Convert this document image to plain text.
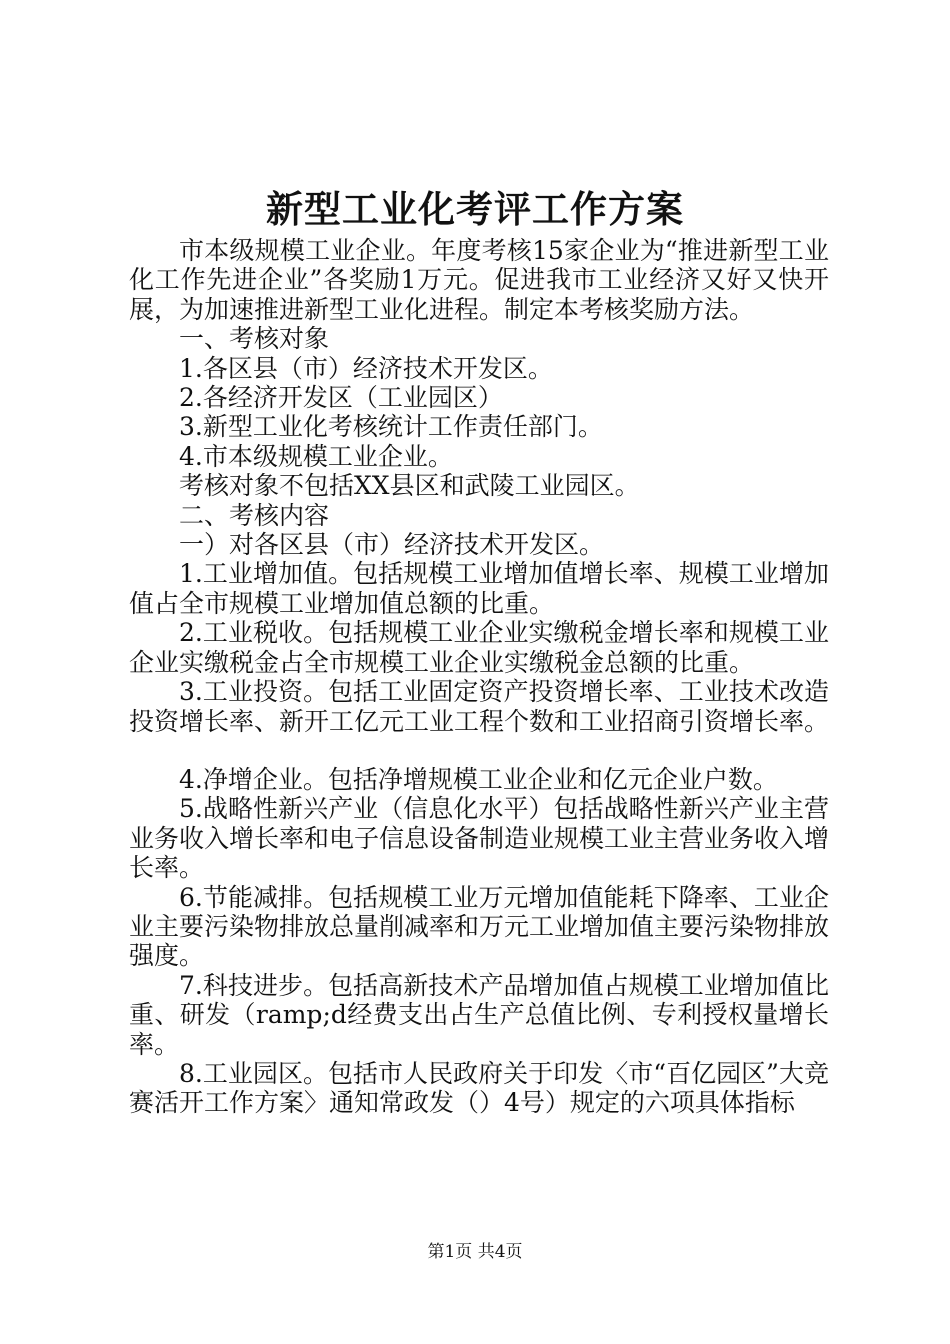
新型工业化考评工作方案

市本级规模工业企业。年度考核15家企业为“推进新型工业化工作先进企业”各奖励1万元。促进我市工业经济又好又快开展，为加速推进新型工业化进程。制定本考核奖励方法。

一、考核对象

1.各区县（市）经济技术开发区。

2.各经济开发区（工业园区）

3.新型工业化考核统计工作责任部门。

4.市本级规模工业企业。

考核对象不包括XX县区和武陵工业园区。

二、考核内容

一）对各区县（市）经济技术开发区。

1.工业增加值。包括规模工业增加值增长率、规模工业增加值占全市规模工业增加值总额的比重。

2.工业税收。包括规模工业企业实缴税金增长率和规模工业企业实缴税金占全市规模工业企业实缴税金总额的比重。

3.工业投资。包括工业固定资产投资增长率、工业技术改造投资增长率、新开工亿元工业工程个数和工业招商引资增长率。

4.净增企业。包括净增规模工业企业和亿元企业户数。

5.战略性新兴产业（信息化水平）包括战略性新兴产业主营业务收入增长率和电子信息设备制造业规模工业主营业务收入增长率。

6.节能减排。包括规模工业万元增加值能耗下降率、工业企业主要污染物排放总量削减率和万元工业增加值主要污染物排放强度。

7.科技进步。包括高新技术产品增加值占规模工业增加值比重、研发（ramp;d经费支出占生产总值比例、专利授权量增长率。

8.工业园区。包括市人民政府关于印发〈市“百亿园区”大竞赛活开工作方案〉通知常政发（）4号）规定的六项具体指标

第1页 共4页
